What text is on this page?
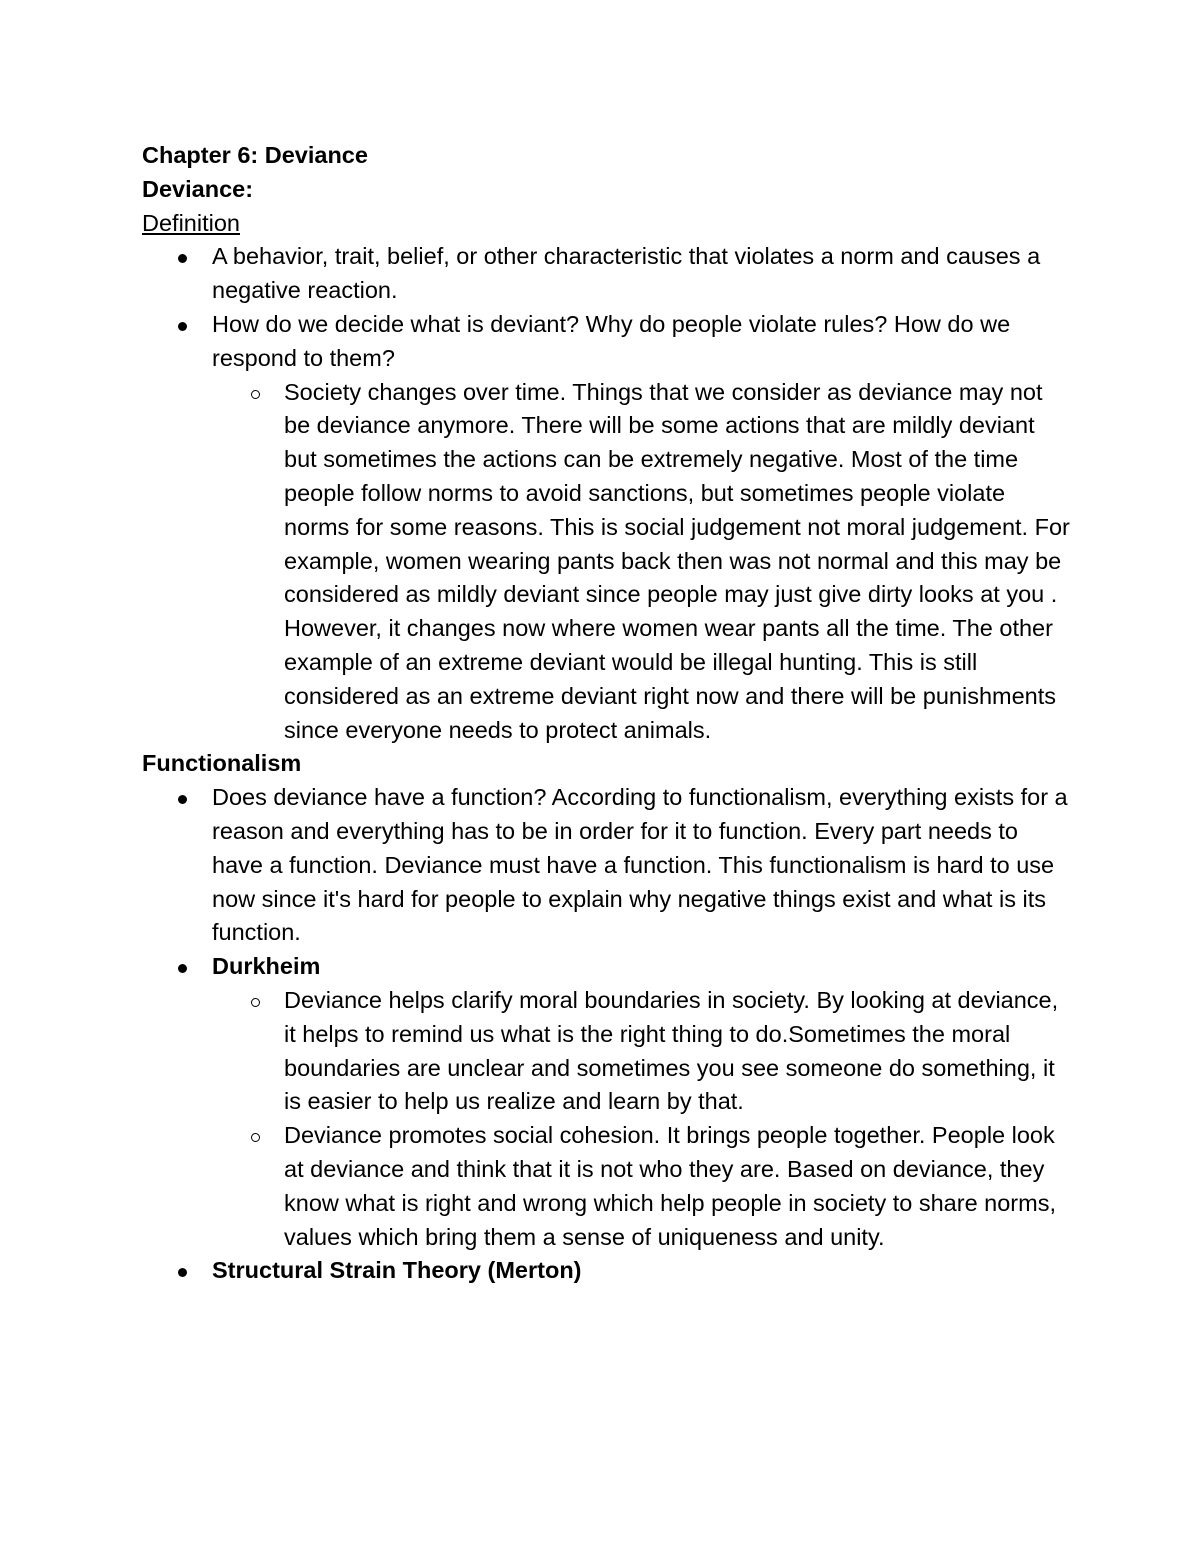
Chapter 6: Deviance

Deviance:

Definition

A behavior, trait, belief, or other characteristic that violates a norm and causes a negative reaction.
How do we decide what is deviant? Why do people violate rules? How do we respond to them?
Society changes over time. Things that we consider as deviance may not be deviance anymore. There will be some actions that are mildly deviant but sometimes the actions can be extremely negative. Most of the time people follow norms to avoid sanctions, but sometimes people violate norms for some reasons. This is social judgement not moral judgement. For example, women wearing pants back then was not normal and this may be considered as mildly deviant since people may just give dirty looks at you . However, it changes now where women wear pants all the time. The other example of an extreme deviant would be illegal hunting. This is still considered as an extreme deviant right now and there will be punishments since everyone needs to protect animals.

Functionalism

Does deviance have a function? According to functionalism, everything exists for a reason and everything has to be in order for it to function. Every part needs to have a function. Deviance must have a function. This functionalism is hard to use now since it's hard for people to explain why negative things exist and what is its function.
Durkheim
Deviance helps clarify moral boundaries in society. By looking at deviance, it helps to remind us what is the right thing to do.Sometimes the moral boundaries are unclear and sometimes you see someone do something, it is easier to help us realize and learn by that.
Deviance promotes social cohesion. It brings people together. People look at deviance and think that it is not who they are. Based on deviance, they know what is right and wrong which help people in society to share norms, values which bring them a sense of uniqueness and unity.
Structural Strain Theory (Merton)
